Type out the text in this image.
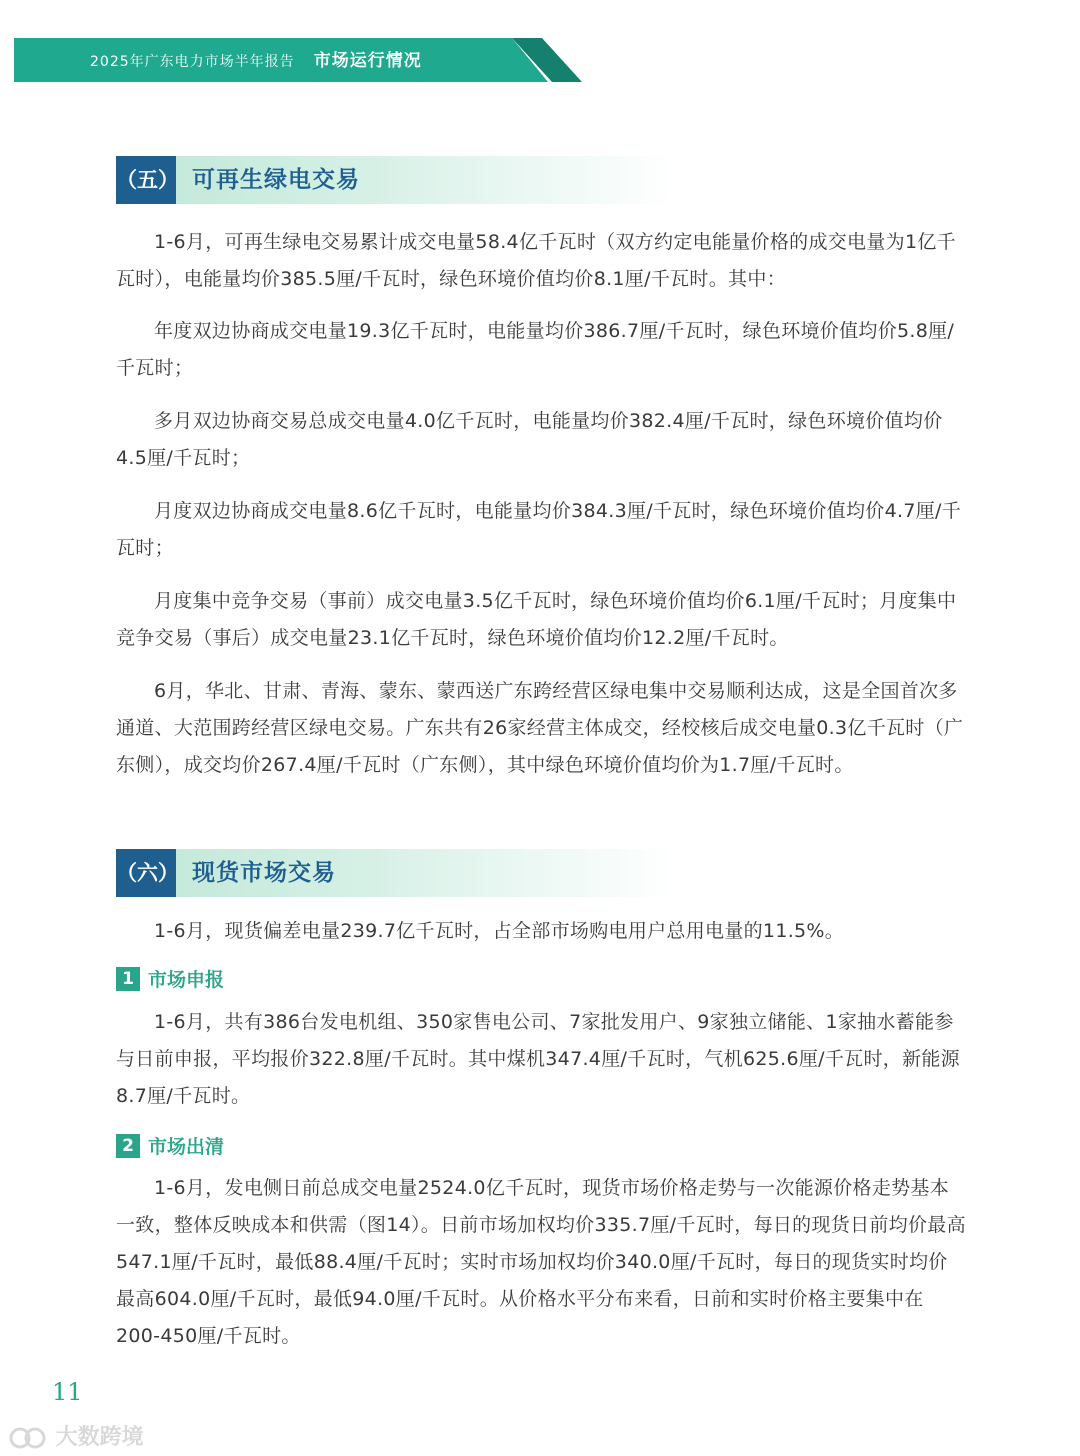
2025年广东电力市场半年报告 市场运行情况
（五） 可再生绿电交易

1-6月，可再生绿电交易累计成交电量58.4亿千瓦时（双方约定电能量价格的成交电量为1亿千瓦时），电能量均价385.5厘/千瓦时，绿色环境价值均价8.1厘/千瓦时。其中：

年度双边协商成交电量19.3亿千瓦时，电能量均价386.7厘/千瓦时，绿色环境价值均价5.8厘/千瓦时；

多月双边协商交易总成交电量4.0亿千瓦时，电能量均价382.4厘/千瓦时，绿色环境价值均价4.5厘/千瓦时；

月度双边协商成交电量8.6亿千瓦时，电能量均价384.3厘/千瓦时，绿色环境价值均价4.7厘/千瓦时；

月度集中竞争交易（事前）成交电量3.5亿千瓦时，绿色环境价值均价6.1厘/千瓦时；月度集中竞争交易（事后）成交电量23.1亿千瓦时，绿色环境价值均价12.2厘/千瓦时。

6月，华北、甘肃、青海、蒙东、蒙西送广东跨经营区绿电集中交易顺利达成，这是全国首次多通道、大范围跨经营区绿电交易。广东共有26家经营主体成交，经校核后成交电量0.3亿千瓦时（广东侧），成交均价267.4厘/千瓦时（广东侧），其中绿色环境价值均价为1.7厘/千瓦时。

（六） 现货市场交易

1-6月，现货偏差电量239.7亿千瓦时，占全部市场购电用户总用电量的11.5%。

1 市场申报

1-6月，共有386台发电机组、350家售电公司、7家批发用户、9家独立储能、1家抽水蓄能参与日前申报，平均报价322.8厘/千瓦时。其中煤机347.4厘/千瓦时，气机625.6厘/千瓦时，新能源8.7厘/千瓦时。

2 市场出清

1-6月，发电侧日前总成交电量2524.0亿千瓦时，现货市场价格走势与一次能源价格走势基本一致，整体反映成本和供需（图14）。日前市场加权均价335.7厘/千瓦时，每日的现货日前均价最高547.1厘/千瓦时，最低88.4厘/千瓦时；实时市场加权均价340.0厘/千瓦时，每日的现货实时均价最高604.0厘/千瓦时，最低94.0厘/千瓦时。从价格水平分布来看，日前和实时价格主要集中在200-450厘/千瓦时。

11
大数跨境
